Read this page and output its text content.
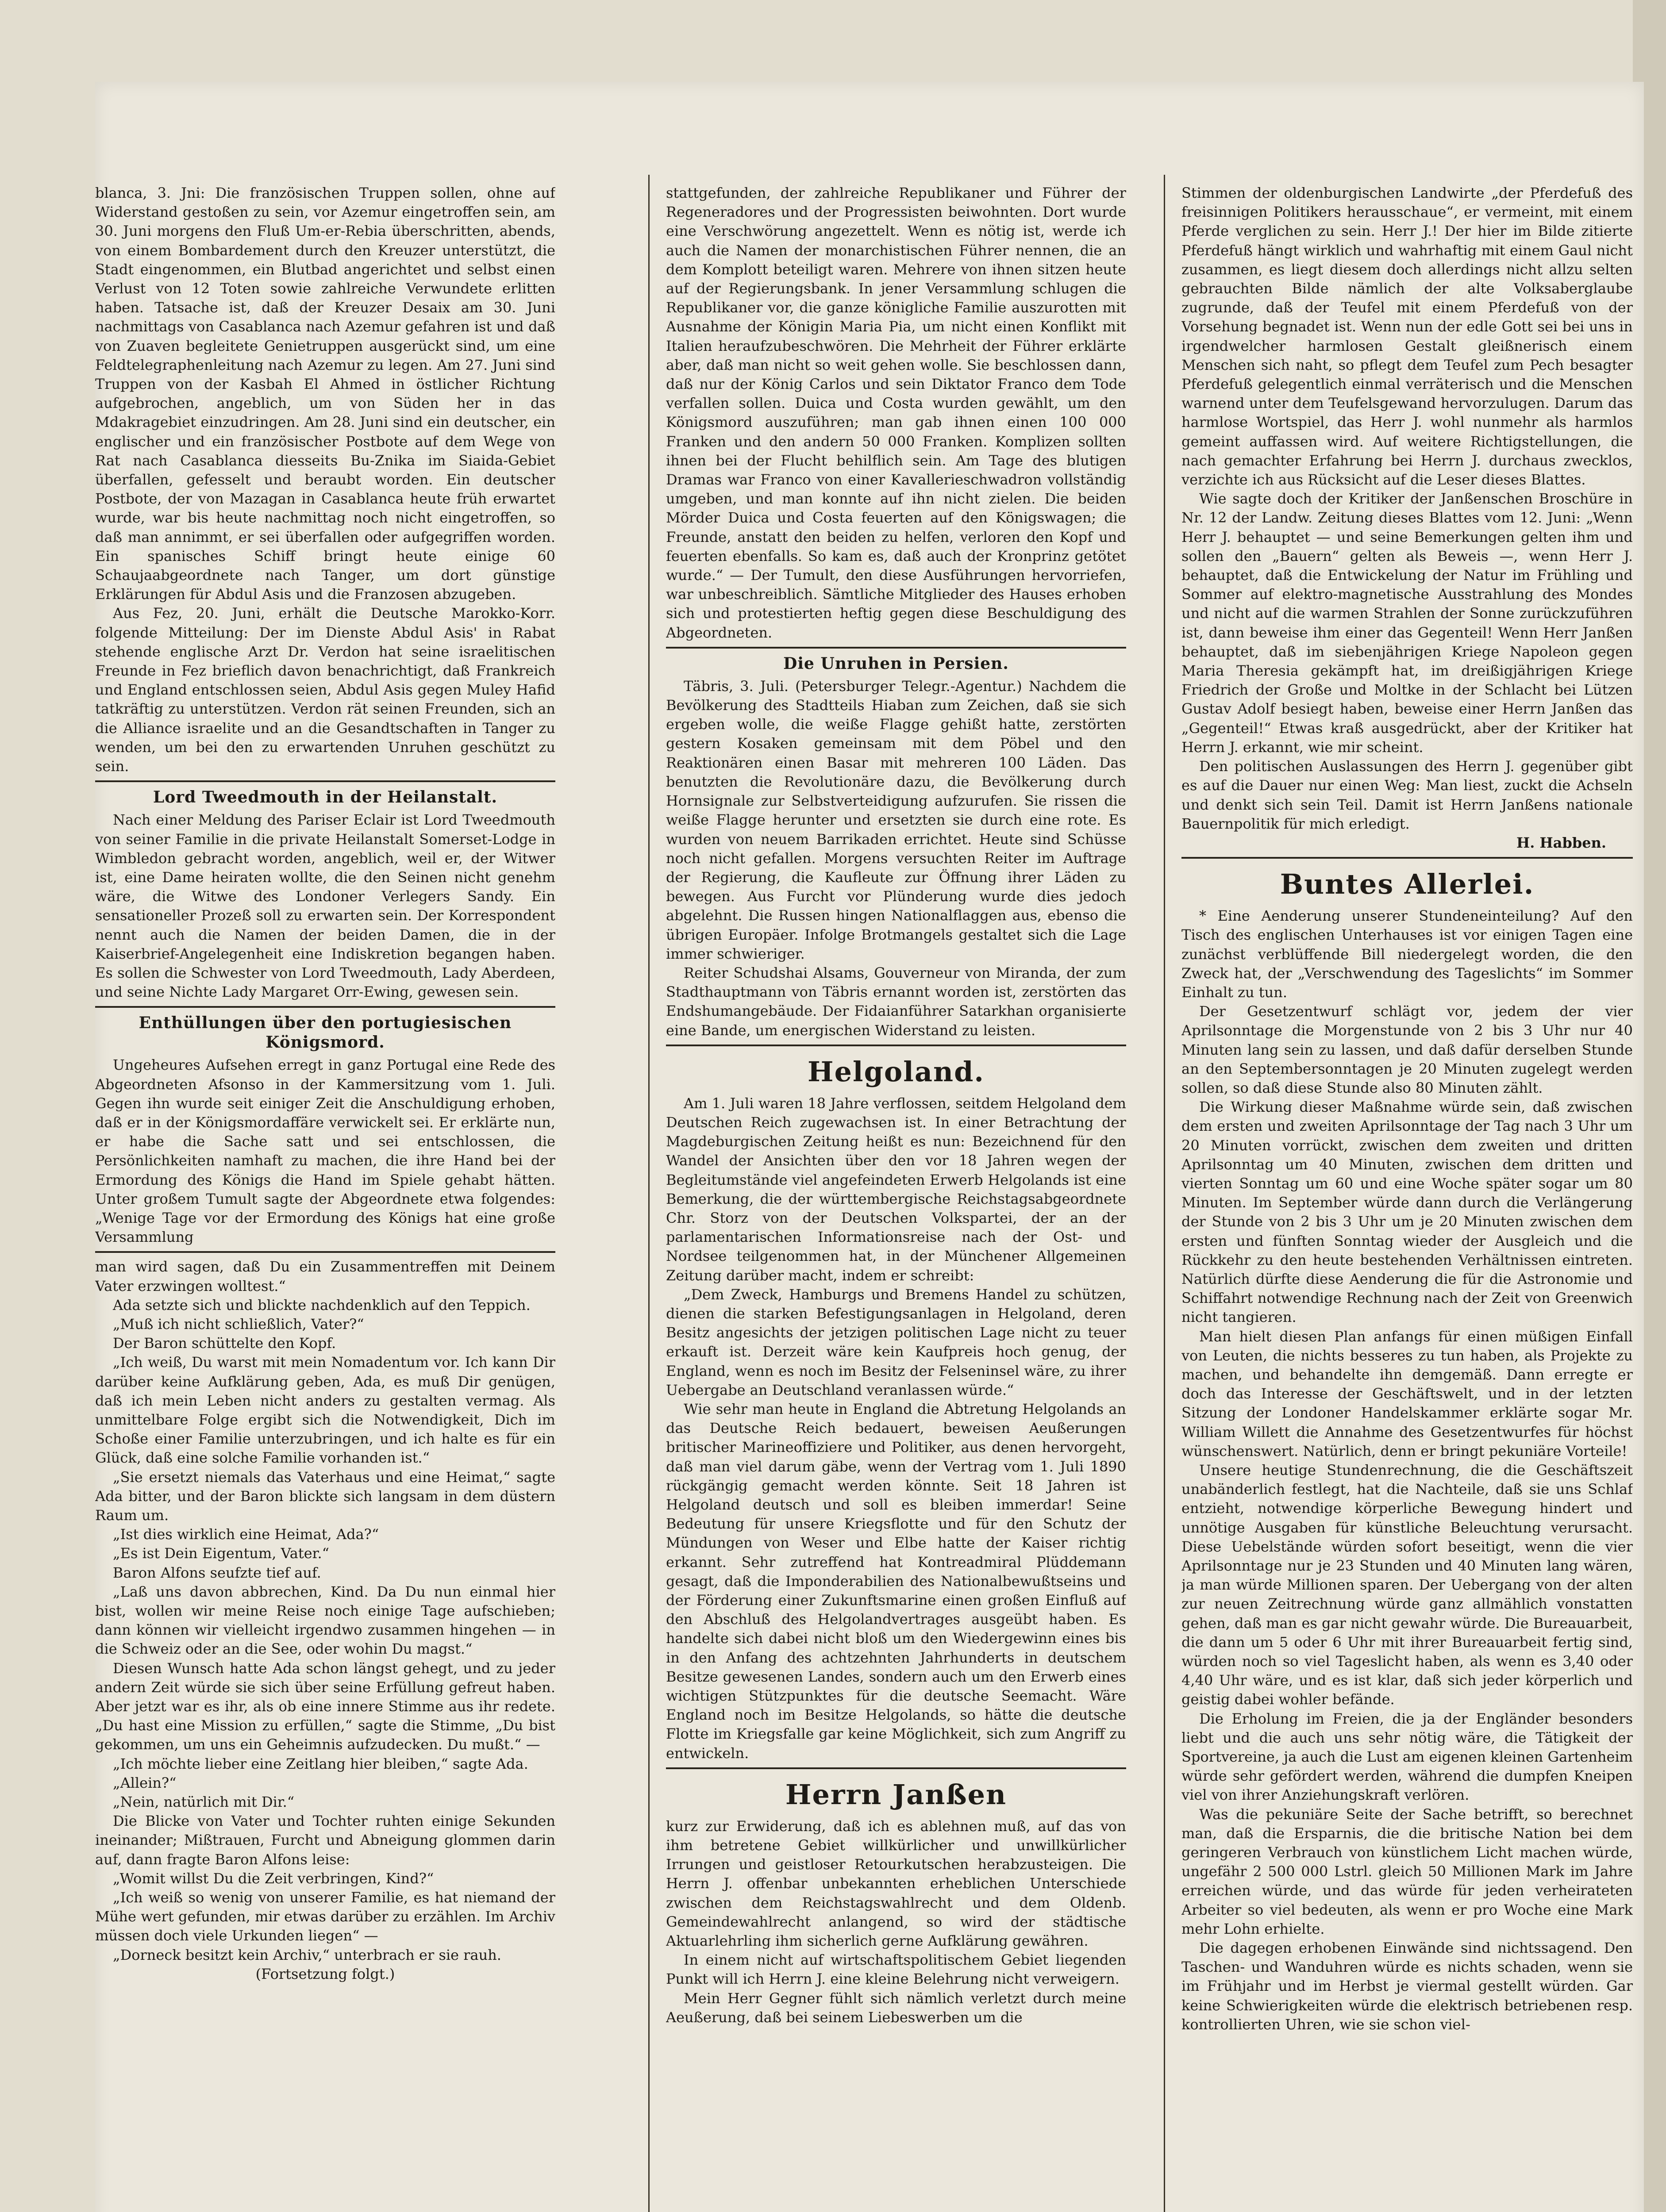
blanca, 3. Jni: Die französischen Truppen sollen, ohne auf Widerstand gestoßen zu sein, vor Azemur eingetroffen sein, am 30. Juni morgens den Fluß Um-er-Rebia überschritten, abends, von einem Bombardement durch den Kreuzer unterstützt, die Stadt eingenommen, ein Blutbad angerichtet und selbst einen Verlust von 12 Toten sowie zahlreiche Verwundete erlitten haben. Tatsache ist, daß der Kreuzer Desaix am 30. Juni nachmittags von Casablanca nach Azemur gefahren ist und daß von Zuaven begleitete Genietruppen ausgerückt sind, um eine Feldtelegraphenleitung nach Azemur zu legen. Am 27. Juni sind Truppen von der Kasbah El Ahmed in östlicher Richtung aufgebrochen, angeblich, um von Süden her in das Mdakragebiet einzudringen. Am 28. Juni sind ein deutscher, ein englischer und ein französischer Postbote auf dem Wege von Rat nach Casablanca diesseits Bu-Znika im Siaida-Gebiet überfallen, gefesselt und beraubt worden. Ein deutscher Postbote, der von Mazagan in Casablanca heute früh erwartet wurde, war bis heute nachmittag noch nicht eingetroffen, so daß man annimmt, er sei überfallen oder aufgegriffen worden. Ein spanisches Schiff bringt heute einige 60 Schaujaabgeordnete nach Tanger, um dort günstige Erklärungen für Abdul Asis und die Franzosen abzugeben.

Aus Fez, 20. Juni, erhält die Deutsche Marokko-Korr. folgende Mitteilung: Der im Dienste Abdul Asis' in Rabat stehende englische Arzt Dr. Verdon hat seine israelitischen Freunde in Fez brieflich davon benachrichtigt, daß Frankreich und England entschlossen seien, Abdul Asis gegen Muley Hafid tatkräftig zu unterstützen. Verdon rät seinen Freunden, sich an die Alliance israelite und an die Gesandtschaften in Tanger zu wenden, um bei den zu erwartenden Unruhen geschützt zu sein.

Lord Tweedmouth in der Heilanstalt.

Nach einer Meldung des Pariser Eclair ist Lord Tweedmouth von seiner Familie in die private Heilanstalt Somerset-Lodge in Wimbledon gebracht worden, angeblich, weil er, der Witwer ist, eine Dame heiraten wollte, die den Seinen nicht genehm wäre, die Witwe des Londoner Verlegers Sandy. Ein sensationeller Prozeß soll zu erwarten sein. Der Korrespondent nennt auch die Namen der beiden Damen, die in der Kaiserbrief-Angelegenheit eine Indiskretion begangen haben. Es sollen die Schwester von Lord Tweedmouth, Lady Aberdeen, und seine Nichte Lady Margaret Orr-Ewing, gewesen sein.

Enthüllungen über den portugiesischen Königsmord.

Ungeheures Aufsehen erregt in ganz Portugal eine Rede des Abgeordneten Afsonso in der Kammersitzung vom 1. Juli. Gegen ihn wurde seit einiger Zeit die Anschuldigung erhoben, daß er in der Königsmordaffäre verwickelt sei. Er erklärte nun, er habe die Sache satt und sei entschlossen, die Persönlichkeiten namhaft zu machen, die ihre Hand bei der Ermordung des Königs die Hand im Spiele gehabt hätten. Unter großem Tumult sagte der Abgeordnete etwa folgendes: „Wenige Tage vor der Ermordung des Königs hat eine große Versammlung

man wird sagen, daß Du ein Zusammentreffen mit Deinem Vater erzwingen wolltest.“

Ada setzte sich und blickte nachdenklich auf den Teppich.

„Muß ich nicht schließlich, Vater?“

Der Baron schüttelte den Kopf.

„Ich weiß, Du warst mit mein Nomadentum vor. Ich kann Dir darüber keine Aufklärung geben, Ada, es muß Dir genügen, daß ich mein Leben nicht anders zu gestalten vermag. Als unmittelbare Folge ergibt sich die Notwendigkeit, Dich im Schoße einer Familie unterzubringen, und ich halte es für ein Glück, daß eine solche Familie vorhanden ist.“

„Sie ersetzt niemals das Vaterhaus und eine Heimat,“ sagte Ada bitter, und der Baron blickte sich langsam in dem düstern Raum um.

„Ist dies wirklich eine Heimat, Ada?“

„Es ist Dein Eigentum, Vater.“

Baron Alfons seufzte tief auf.

„Laß uns davon abbrechen, Kind. Da Du nun einmal hier bist, wollen wir meine Reise noch einige Tage aufschieben; dann können wir vielleicht irgendwo zusammen hingehen — in die Schweiz oder an die See, oder wohin Du magst.“

Diesen Wunsch hatte Ada schon längst gehegt, und zu jeder andern Zeit würde sie sich über seine Erfüllung gefreut haben. Aber jetzt war es ihr, als ob eine innere Stimme aus ihr redete. „Du hast eine Mission zu erfüllen,“ sagte die Stimme, „Du bist gekommen, um uns ein Geheimnis aufzudecken. Du mußt.“ —

„Ich möchte lieber eine Zeitlang hier bleiben,“ sagte Ada.

„Allein?“

„Nein, natürlich mit Dir.“

Die Blicke von Vater und Tochter ruhten einige Sekunden ineinander; Mißtrauen, Furcht und Abneigung glommen darin auf, dann fragte Baron Alfons leise:

„Womit willst Du die Zeit verbringen, Kind?“

„Ich weiß so wenig von unserer Familie, es hat niemand der Mühe wert gefunden, mir etwas darüber zu erzählen. Im Archiv müssen doch viele Urkunden liegen“ —

„Dorneck besitzt kein Archiv,“ unterbrach er sie rauh.

(Fortsetzung folgt.)

stattgefunden, der zahlreiche Republikaner und Führer der Regeneradores und der Progressisten beiwohnten. Dort wurde eine Verschwörung angezettelt. Wenn es nötig ist, werde ich auch die Namen der monarchistischen Führer nennen, die an dem Komplott beteiligt waren. Mehrere von ihnen sitzen heute auf der Regierungsbank. In jener Versammlung schlugen die Republikaner vor, die ganze königliche Familie auszurotten mit Ausnahme der Königin Maria Pia, um nicht einen Konflikt mit Italien heraufzubeschwören. Die Mehrheit der Führer erklärte aber, daß man nicht so weit gehen wolle. Sie beschlossen dann, daß nur der König Carlos und sein Diktator Franco dem Tode verfallen sollen. Duica und Costa wurden gewählt, um den Königsmord auszuführen; man gab ihnen einen 100 000 Franken und den andern 50 000 Franken. Komplizen sollten ihnen bei der Flucht behilflich sein. Am Tage des blutigen Dramas war Franco von einer Kavallerieschwadron vollständig umgeben, und man konnte auf ihn nicht zielen. Die beiden Mörder Duica und Costa feuerten auf den Königswagen; die Freunde, anstatt den beiden zu helfen, verloren den Kopf und feuerten ebenfalls. So kam es, daß auch der Kronprinz getötet wurde.“ — Der Tumult, den diese Ausführungen hervorriefen, war unbeschreiblich. Sämtliche Mitglieder des Hauses erhoben sich und protestierten heftig gegen diese Beschuldigung des Abgeordneten.

Die Unruhen in Persien.

Täbris, 3. Juli. (Petersburger Telegr.-Agentur.) Nachdem die Bevölkerung des Stadtteils Hiaban zum Zeichen, daß sie sich ergeben wolle, die weiße Flagge gehißt hatte, zerstörten gestern Kosaken gemeinsam mit dem Pöbel und den Reaktionären einen Basar mit mehreren 100 Läden. Das benutzten die Revolutionäre dazu, die Bevölkerung durch Hornsignale zur Selbstverteidigung aufzurufen. Sie rissen die weiße Flagge herunter und ersetzten sie durch eine rote. Es wurden von neuem Barrikaden errichtet. Heute sind Schüsse noch nicht gefallen. Morgens versuchten Reiter im Auftrage der Regierung, die Kaufleute zur Öffnung ihrer Läden zu bewegen. Aus Furcht vor Plünderung wurde dies jedoch abgelehnt. Die Russen hingen Nationalflaggen aus, ebenso die übrigen Europäer. Infolge Brotmangels gestaltet sich die Lage immer schwieriger.

Reiter Schudshai Alsams, Gouverneur von Miranda, der zum Stadthauptmann von Täbris ernannt worden ist, zerstörten das Endshumangebäude. Der Fidaianführer Satarkhan organisierte eine Bande, um energischen Widerstand zu leisten.

Helgoland.

Am 1. Juli waren 18 Jahre verflossen, seitdem Helgoland dem Deutschen Reich zugewachsen ist. In einer Betrachtung der Magdeburgischen Zeitung heißt es nun: Bezeichnend für den Wandel der Ansichten über den vor 18 Jahren wegen der Begleitumstände viel angefeindeten Erwerb Helgolands ist eine Bemerkung, die der württembergische Reichstagsabgeordnete Chr. Storz von der Deutschen Volkspartei, der an der parlamentarischen Informationsreise nach der Ost- und Nordsee teilgenommen hat, in der Münchener Allgemeinen Zeitung darüber macht, indem er schreibt:

„Dem Zweck, Hamburgs und Bremens Handel zu schützen, dienen die starken Befestigungsanlagen in Helgoland, deren Besitz angesichts der jetzigen politischen Lage nicht zu teuer erkauft ist. Derzeit wäre kein Kaufpreis hoch genug, der England, wenn es noch im Besitz der Felseninsel wäre, zu ihrer Uebergabe an Deutschland veranlassen würde.“

Wie sehr man heute in England die Abtretung Helgolands an das Deutsche Reich bedauert, beweisen Aeußerungen britischer Marineoffiziere und Politiker, aus denen hervorgeht, daß man viel darum gäbe, wenn der Vertrag vom 1. Juli 1890 rückgängig gemacht werden könnte. Seit 18 Jahren ist Helgoland deutsch und soll es bleiben immerdar! Seine Bedeutung für unsere Kriegsflotte und für den Schutz der Mündungen von Weser und Elbe hatte der Kaiser richtig erkannt. Sehr zutreffend hat Kontreadmiral Plüddemann gesagt, daß die Imponderabilien des Nationalbewußtseins und der Förderung einer Zukunftsmarine einen großen Einfluß auf den Abschluß des Helgolandvertrages ausgeübt haben. Es handelte sich dabei nicht bloß um den Wiedergewinn eines bis in den Anfang des achtzehnten Jahrhunderts in deutschem Besitze gewesenen Landes, sondern auch um den Erwerb eines wichtigen Stützpunktes für die deutsche Seemacht. Wäre England noch im Besitze Helgolands, so hätte die deutsche Flotte im Kriegsfalle gar keine Möglichkeit, sich zum Angriff zu entwickeln.

Herrn Janßen

kurz zur Erwiderung, daß ich es ablehnen muß, auf das von ihm betretene Gebiet willkürlicher und unwillkürlicher Irrungen und geistloser Retourkutschen herabzusteigen. Die Herrn J. offenbar unbekannten erheblichen Unterschiede zwischen dem Reichstagswahlrecht und dem Oldenb. Gemeindewahlrecht anlangend, so wird der städtische Aktuarlehrling ihm sicherlich gerne Aufklärung gewähren.

In einem nicht auf wirtschaftspolitischem Gebiet liegenden Punkt will ich Herrn J. eine kleine Belehrung nicht verweigern.

Mein Herr Gegner fühlt sich nämlich verletzt durch meine Aeußerung, daß bei seinem Liebeswerben um die

Stimmen der oldenburgischen Landwirte „der Pferdefuß des freisinnigen Politikers herausschaue“, er vermeint, mit einem Pferde verglichen zu sein. Herr J.! Der hier im Bilde zitierte Pferdefuß hängt wirklich und wahrhaftig mit einem Gaul nicht zusammen, es liegt diesem doch allerdings nicht allzu selten gebrauchten Bilde nämlich der alte Volksaberglaube zugrunde, daß der Teufel mit einem Pferdefuß von der Vorsehung begnadet ist. Wenn nun der edle Gott sei bei uns in irgendwelcher harmlosen Gestalt gleißnerisch einem Menschen sich naht, so pflegt dem Teufel zum Pech besagter Pferdefuß gelegentlich einmal verräterisch und die Menschen warnend unter dem Teufelsgewand hervorzulugen. Darum das harmlose Wortspiel, das Herr J. wohl nunmehr als harmlos gemeint auffassen wird. Auf weitere Richtigstellungen, die nach gemachter Erfahrung bei Herrn J. durchaus zwecklos, verzichte ich aus Rücksicht auf die Leser dieses Blattes.

Wie sagte doch der Kritiker der Janßenschen Broschüre in Nr. 12 der Landw. Zeitung dieses Blattes vom 12. Juni: „Wenn Herr J. behauptet — und seine Bemerkungen gelten ihm und sollen den „Bauern“ gelten als Beweis —, wenn Herr J. behauptet, daß die Entwickelung der Natur im Frühling und Sommer auf elektro-magnetische Ausstrahlung des Mondes und nicht auf die warmen Strahlen der Sonne zurückzuführen ist, dann beweise ihm einer das Gegenteil! Wenn Herr Janßen behauptet, daß im siebenjährigen Kriege Napoleon gegen Maria Theresia gekämpft hat, im dreißigjährigen Kriege Friedrich der Große und Moltke in der Schlacht bei Lützen Gustav Adolf besiegt haben, beweise einer Herrn Janßen das „Gegenteil!“ Etwas kraß ausgedrückt, aber der Kritiker hat Herrn J. erkannt, wie mir scheint.

Den politischen Auslassungen des Herrn J. gegenüber gibt es auf die Dauer nur einen Weg: Man liest, zuckt die Achseln und denkt sich sein Teil. Damit ist Herrn Janßens nationale Bauernpolitik für mich erledigt.

H. Habben.
Buntes Allerlei.

* Eine Aenderung unserer Stundeneinteilung? Auf den Tisch des englischen Unterhauses ist vor einigen Tagen eine zunächst verblüffende Bill niedergelegt worden, die den Zweck hat, der „Verschwendung des Tageslichts“ im Sommer Einhalt zu tun.

Der Gesetzentwurf schlägt vor, jedem der vier Aprilsonntage die Morgenstunde von 2 bis 3 Uhr nur 40 Minuten lang sein zu lassen, und daß dafür derselben Stunde an den Septembersonntagen je 20 Minuten zugelegt werden sollen, so daß diese Stunde also 80 Minuten zählt.

Die Wirkung dieser Maßnahme würde sein, daß zwischen dem ersten und zweiten Aprilsonntage der Tag nach 3 Uhr um 20 Minuten vorrückt, zwischen dem zweiten und dritten Aprilsonntag um 40 Minuten, zwischen dem dritten und vierten Sonntag um 60 und eine Woche später sogar um 80 Minuten. Im September würde dann durch die Verlängerung der Stunde von 2 bis 3 Uhr um je 20 Minuten zwischen dem ersten und fünften Sonntag wieder der Ausgleich und die Rückkehr zu den heute bestehenden Verhältnissen eintreten. Natürlich dürfte diese Aenderung die für die Astronomie und Schiffahrt notwendige Rechnung nach der Zeit von Greenwich nicht tangieren.

Man hielt diesen Plan anfangs für einen müßigen Einfall von Leuten, die nichts besseres zu tun haben, als Projekte zu machen, und behandelte ihn demgemäß. Dann erregte er doch das Interesse der Geschäftswelt, und in der letzten Sitzung der Londoner Handelskammer erklärte sogar Mr. William Willett die Annahme des Gesetzentwurfes für höchst wünschenswert. Natürlich, denn er bringt pekuniäre Vorteile!

Unsere heutige Stundenrechnung, die die Geschäftszeit unabänderlich festlegt, hat die Nachteile, daß sie uns Schlaf entzieht, notwendige körperliche Bewegung hindert und unnötige Ausgaben für künstliche Beleuchtung verursacht. Diese Uebelstände würden sofort beseitigt, wenn die vier Aprilsonntage nur je 23 Stunden und 40 Minuten lang wären, ja man würde Millionen sparen. Der Uebergang von der alten zur neuen Zeitrechnung würde ganz allmählich vonstatten gehen, daß man es gar nicht gewahr würde. Die Bureauarbeit, die dann um 5 oder 6 Uhr mit ihrer Bureauarbeit fertig sind, würden noch so viel Tageslicht haben, als wenn es 3,40 oder 4,40 Uhr wäre, und es ist klar, daß sich jeder körperlich und geistig dabei wohler befände.

Die Erholung im Freien, die ja der Engländer besonders liebt und die auch uns sehr nötig wäre, die Tätigkeit der Sportvereine, ja auch die Lust am eigenen kleinen Gartenheim würde sehr gefördert werden, während die dumpfen Kneipen viel von ihrer Anziehungskraft verlören.

Was die pekuniäre Seite der Sache betrifft, so berechnet man, daß die Ersparnis, die die britische Nation bei dem geringeren Verbrauch von künstlichem Licht machen würde, ungefähr 2 500 000 Lstrl. gleich 50 Millionen Mark im Jahre erreichen würde, und das würde für jeden verheirateten Arbeiter so viel bedeuten, als wenn er pro Woche eine Mark mehr Lohn erhielte.

Die dagegen erhobenen Einwände sind nichtssagend. Den Taschen- und Wanduhren würde es nichts schaden, wenn sie im Frühjahr und im Herbst je viermal gestellt würden. Gar keine Schwierigkeiten würde die elektrisch betriebenen resp. kontrollierten Uhren, wie sie schon viel-
